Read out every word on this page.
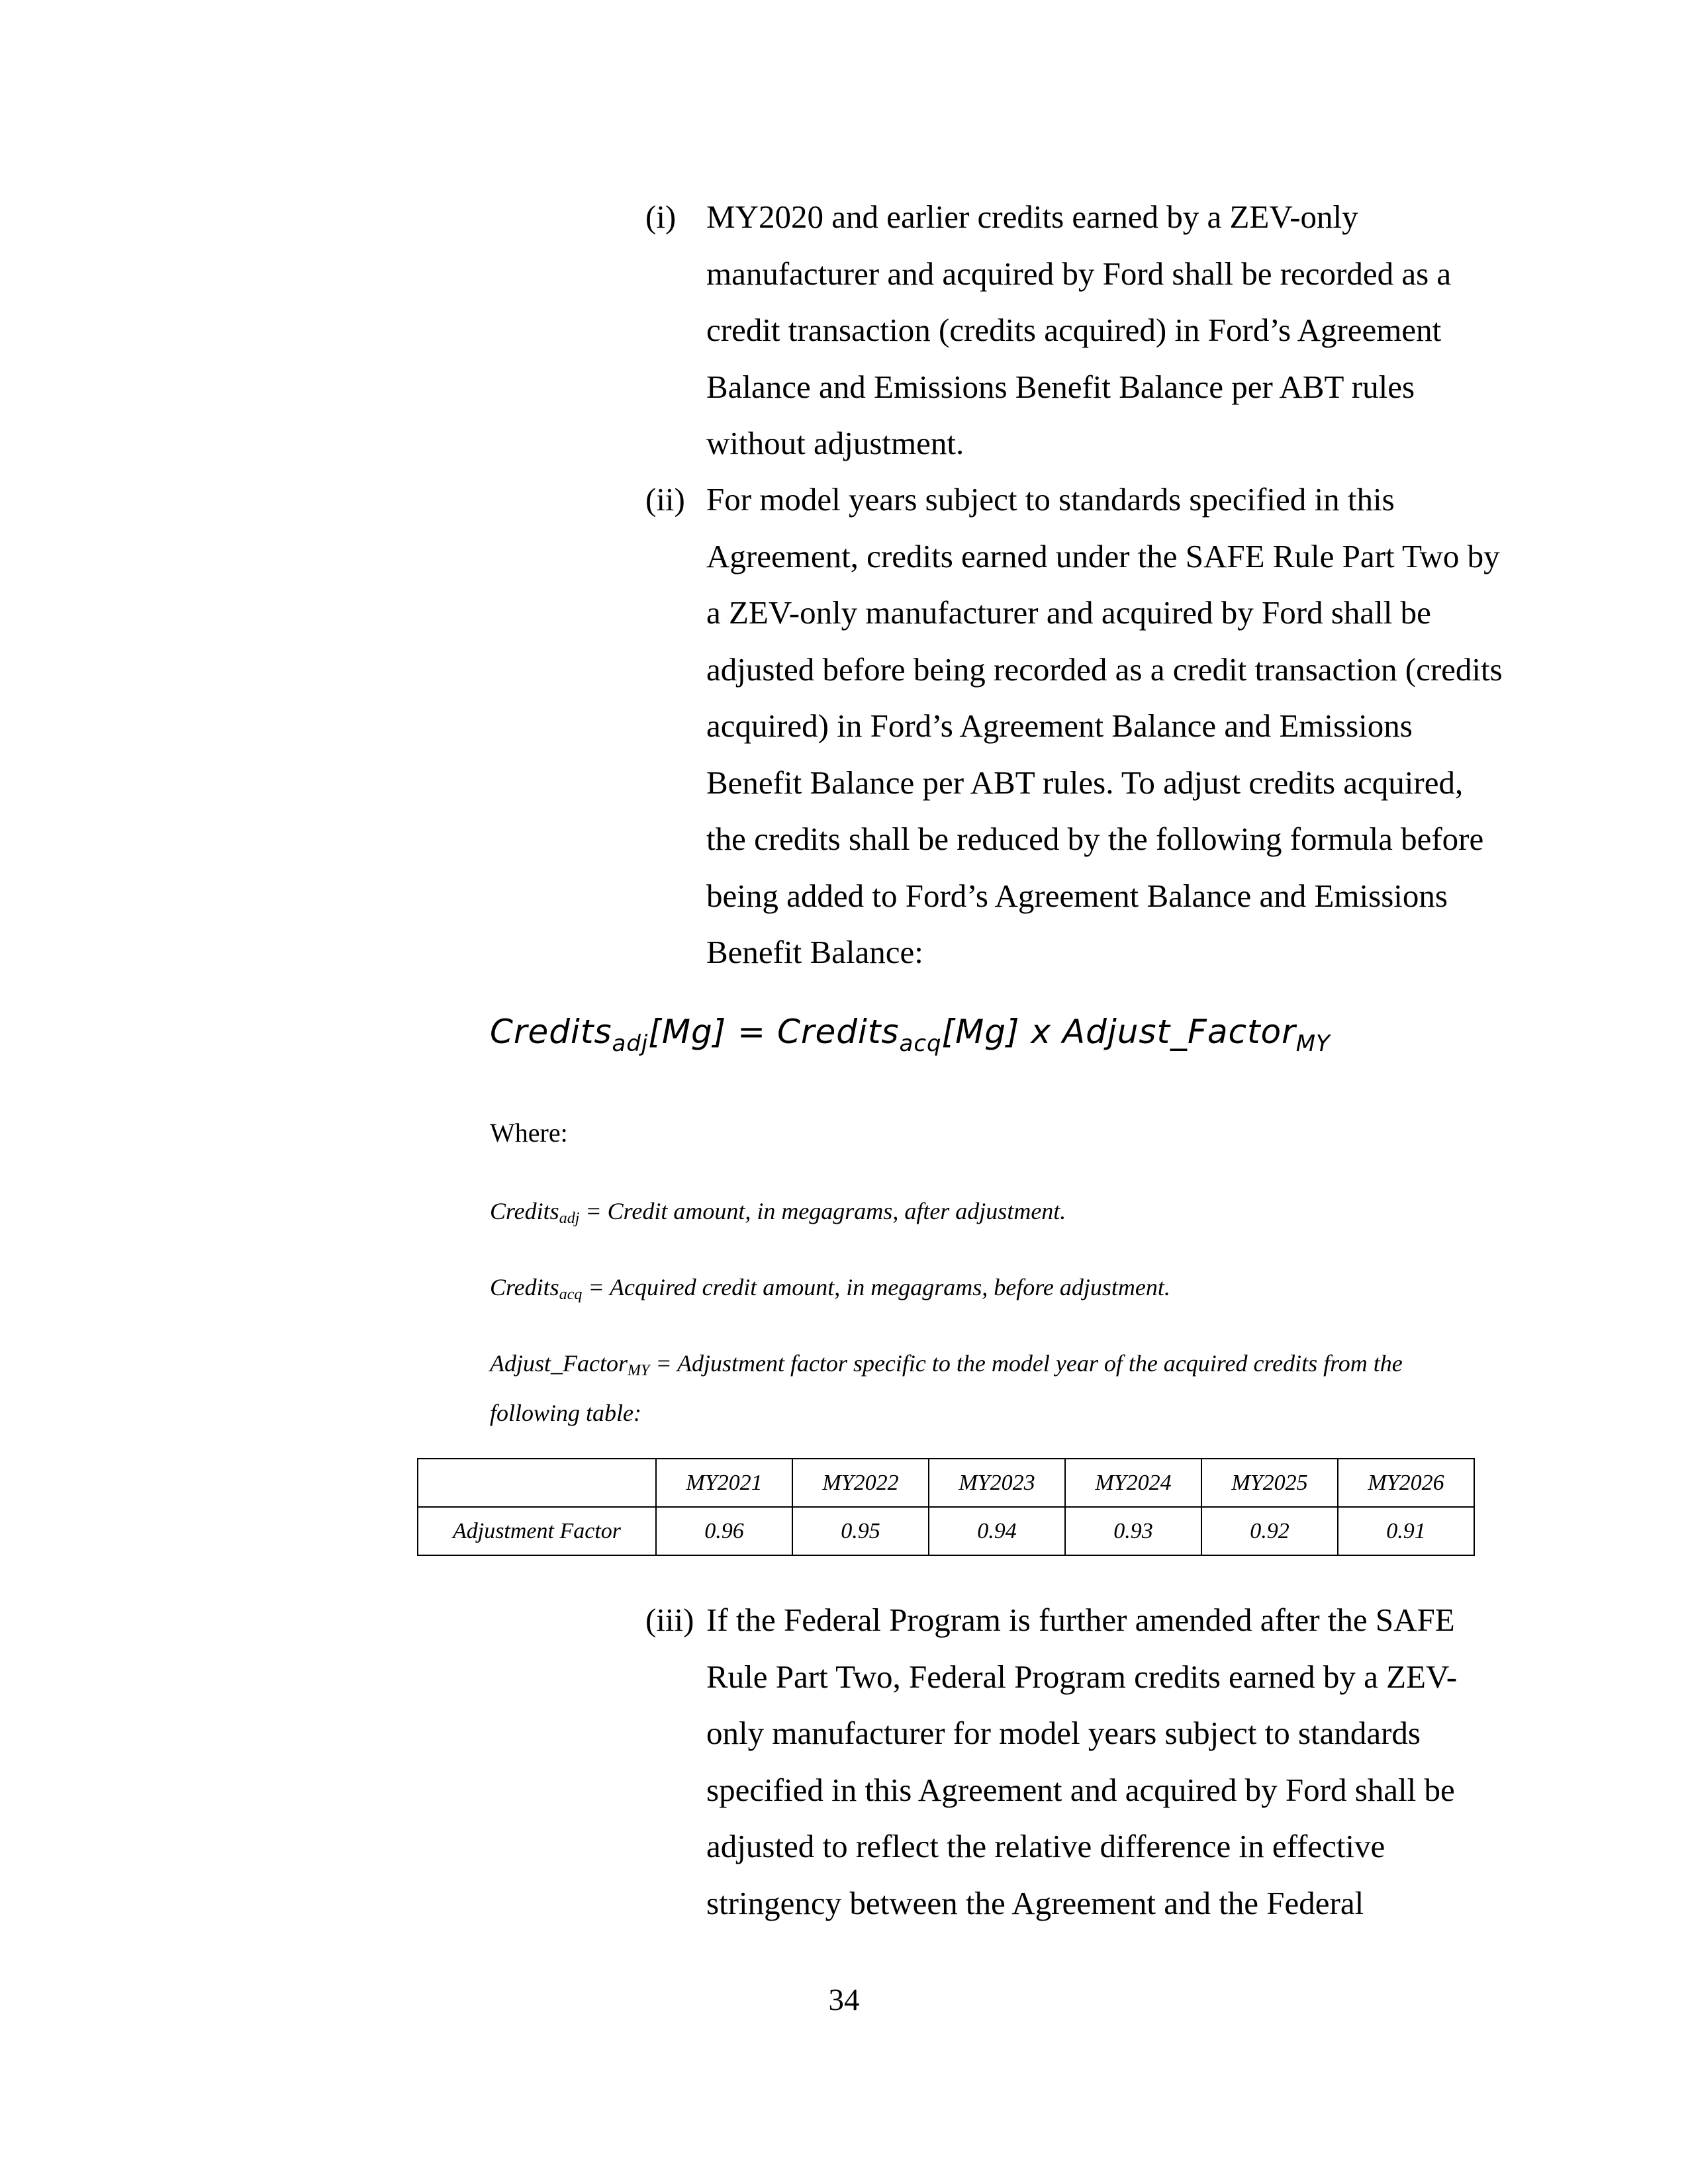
(i) MY2020 and earlier credits earned by a ZEV-only manufacturer and acquired by Ford shall be recorded as a credit transaction (credits acquired) in Ford’s Agreement Balance and Emissions Benefit Balance per ABT rules without adjustment.
(ii) For model years subject to standards specified in this Agreement, credits earned under the SAFE Rule Part Two by a ZEV-only manufacturer and acquired by Ford shall be adjusted before being recorded as a credit transaction (credits acquired) in Ford’s Agreement Balance and Emissions Benefit Balance per ABT rules. To adjust credits acquired, the credits shall be reduced by the following formula before being added to Ford’s Agreement Balance and Emissions Benefit Balance:
Credits$_{adj}$[Mg] = Credits$_{acq}$[Mg] x Adjust_Factor$_{MY}$
Where:
Credits$_{adj}$ = Credit amount, in megagrams, after adjustment.
Credits$_{acq}$ = Acquired credit amount, in megagrams, before adjustment.
Adjust_Factor$_{MY}$ = Adjustment factor specific to the model year of the acquired credits from the following table:
	MY2021	MY2022	MY2023	MY2024	MY2025	MY2026
Adjustment Factor	0.96	0.95	0.94	0.93	0.92	0.91
(iii) If the Federal Program is further amended after the SAFE Rule Part Two, Federal Program credits earned by a ZEV-only manufacturer for model years subject to standards specified in this Agreement and acquired by Ford shall be adjusted to reflect the relative difference in effective stringency between the Agreement and the Federal
34
